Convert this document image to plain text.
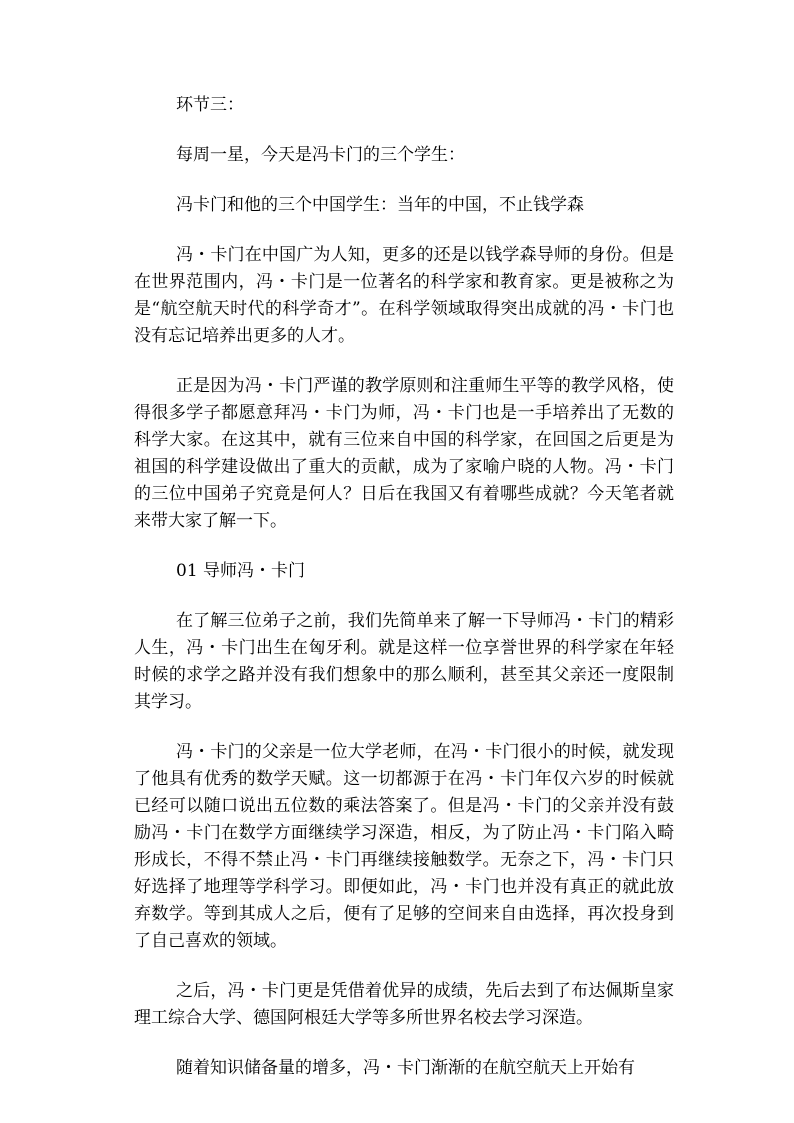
环节三：

每周一星，今天是冯卡门的三个学生：

冯卡门和他的三个中国学生：当年的中国，不止钱学森

冯・卡门在中国广为人知，更多的还是以钱学森导师的身份。但是在世界范围内，冯・卡门是一位著名的科学家和教育家。更是被称之为是“航空航天时代的科学奇才”。在科学领域取得突出成就的冯・卡门也没有忘记培养出更多的人才。

正是因为冯・卡门严谨的教学原则和注重师生平等的教学风格，使得很多学子都愿意拜冯・卡门为师，冯・卡门也是一手培养出了无数的科学大家。在这其中，就有三位来自中国的科学家，在回国之后更是为祖国的科学建设做出了重大的贡献，成为了家喻户晓的人物。冯・卡门的三位中国弟子究竟是何人？日后在我国又有着哪些成就？今天笔者就来带大家了解一下。

01 导师冯・卡门

在了解三位弟子之前，我们先简单来了解一下导师冯・卡门的精彩人生，冯・卡门出生在匈牙利。就是这样一位享誉世界的科学家在年轻时候的求学之路并没有我们想象中的那么顺利，甚至其父亲还一度限制其学习。

冯・卡门的父亲是一位大学老师，在冯・卡门很小的时候，就发现了他具有优秀的数学天赋。这一切都源于在冯・卡门年仅六岁的时候就已经可以随口说出五位数的乘法答案了。但是冯・卡门的父亲并没有鼓励冯・卡门在数学方面继续学习深造，相反，为了防止冯・卡门陷入畸形成长，不得不禁止冯・卡门再继续接触数学。无奈之下，冯・卡门只好选择了地理等学科学习。即便如此，冯・卡门也并没有真正的就此放弃数学。等到其成人之后，便有了足够的空间来自由选择，再次投身到了自己喜欢的领域。

之后，冯・卡门更是凭借着优异的成绩，先后去到了布达佩斯皇家理工综合大学、德国阿根廷大学等多所世界名校去学习深造。

随着知识储备量的增多，冯・卡门渐渐的在航空航天上开始有
